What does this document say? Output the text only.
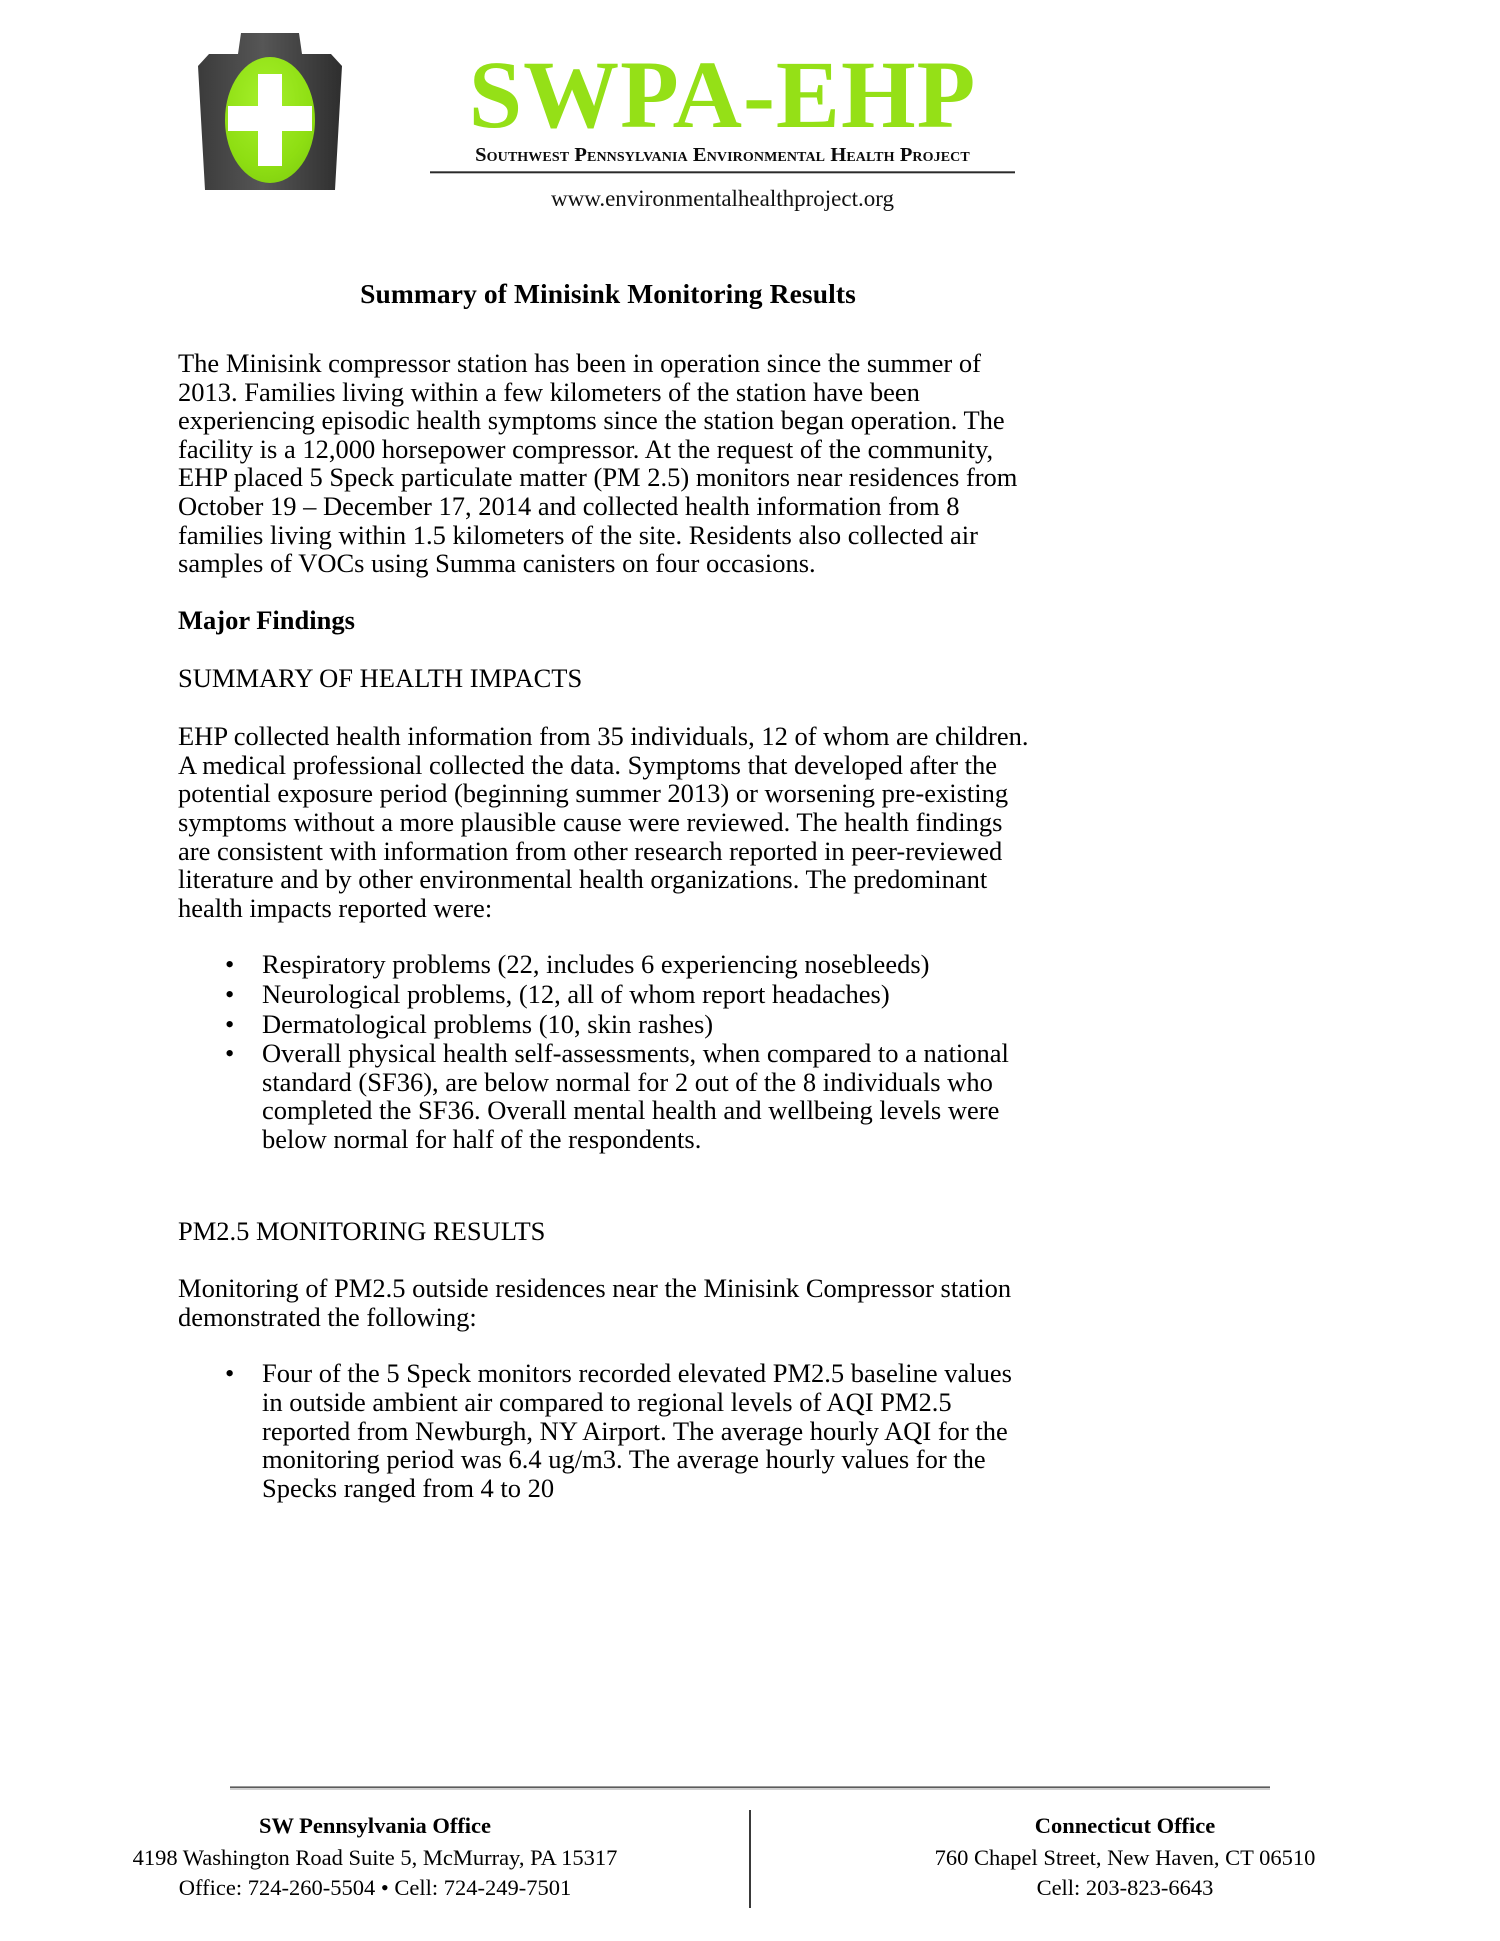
SWPA-EHP
Southwest Pennsylvania Environmental Health Project
www.environmentalhealthproject.org
Summary of Minisink Monitoring Results

The Minisink compressor station has been in operation since the summer of 2013. Families living within a few kilometers of the station have been experiencing episodic health symptoms since the station began operation. The facility is a 12,000 horsepower compressor. At the request of the community, EHP placed 5 Speck particulate matter (PM 2.5) monitors near residences from October 19 – December 17, 2014 and collected health information from 8 families living within 1.5 kilometers of the site. Residents also collected air samples of VOCs using Summa canisters on four occasions.

Major Findings
SUMMARY OF HEALTH IMPACTS

EHP collected health information from 35 individuals, 12 of whom are children. A medical professional collected the data. Symptoms that developed after the potential exposure period (beginning summer 2013) or worsening pre-existing symptoms without a more plausible cause were reviewed. The health findings are consistent with information from other research reported in peer-reviewed literature and by other environmental health organizations. The predominant health impacts reported were:

• Respiratory problems (22, includes 6 experiencing nosebleeds)
• Neurological problems, (12, all of whom report headaches)
• Dermatological problems (10, skin rashes)
• Overall physical health self-assessments, when compared to a national standard (SF36), are below normal for 2 out of the 8 individuals who completed the SF36. Overall mental health and wellbeing levels were below normal for half of the respondents.
PM2.5 MONITORING RESULTS

Monitoring of PM2.5 outside residences near the Minisink Compressor station demonstrated the following:

• Four of the 5 Speck monitors recorded elevated PM2.5 baseline values in outside ambient air compared to regional levels of AQI PM2.5 reported from Newburgh, NY Airport. The average hourly AQI for the monitoring period was 6.4 ug/m3. The average hourly values for the Specks ranged from 4 to 20
SW Pennsylvania Office
4198 Washington Road Suite 5, McMurray, PA 15317
Office: 724-260-5504 • Cell: 724-249-7501
Connecticut Office
760 Chapel Street, New Haven, CT 06510
Cell: 203-823-6643
